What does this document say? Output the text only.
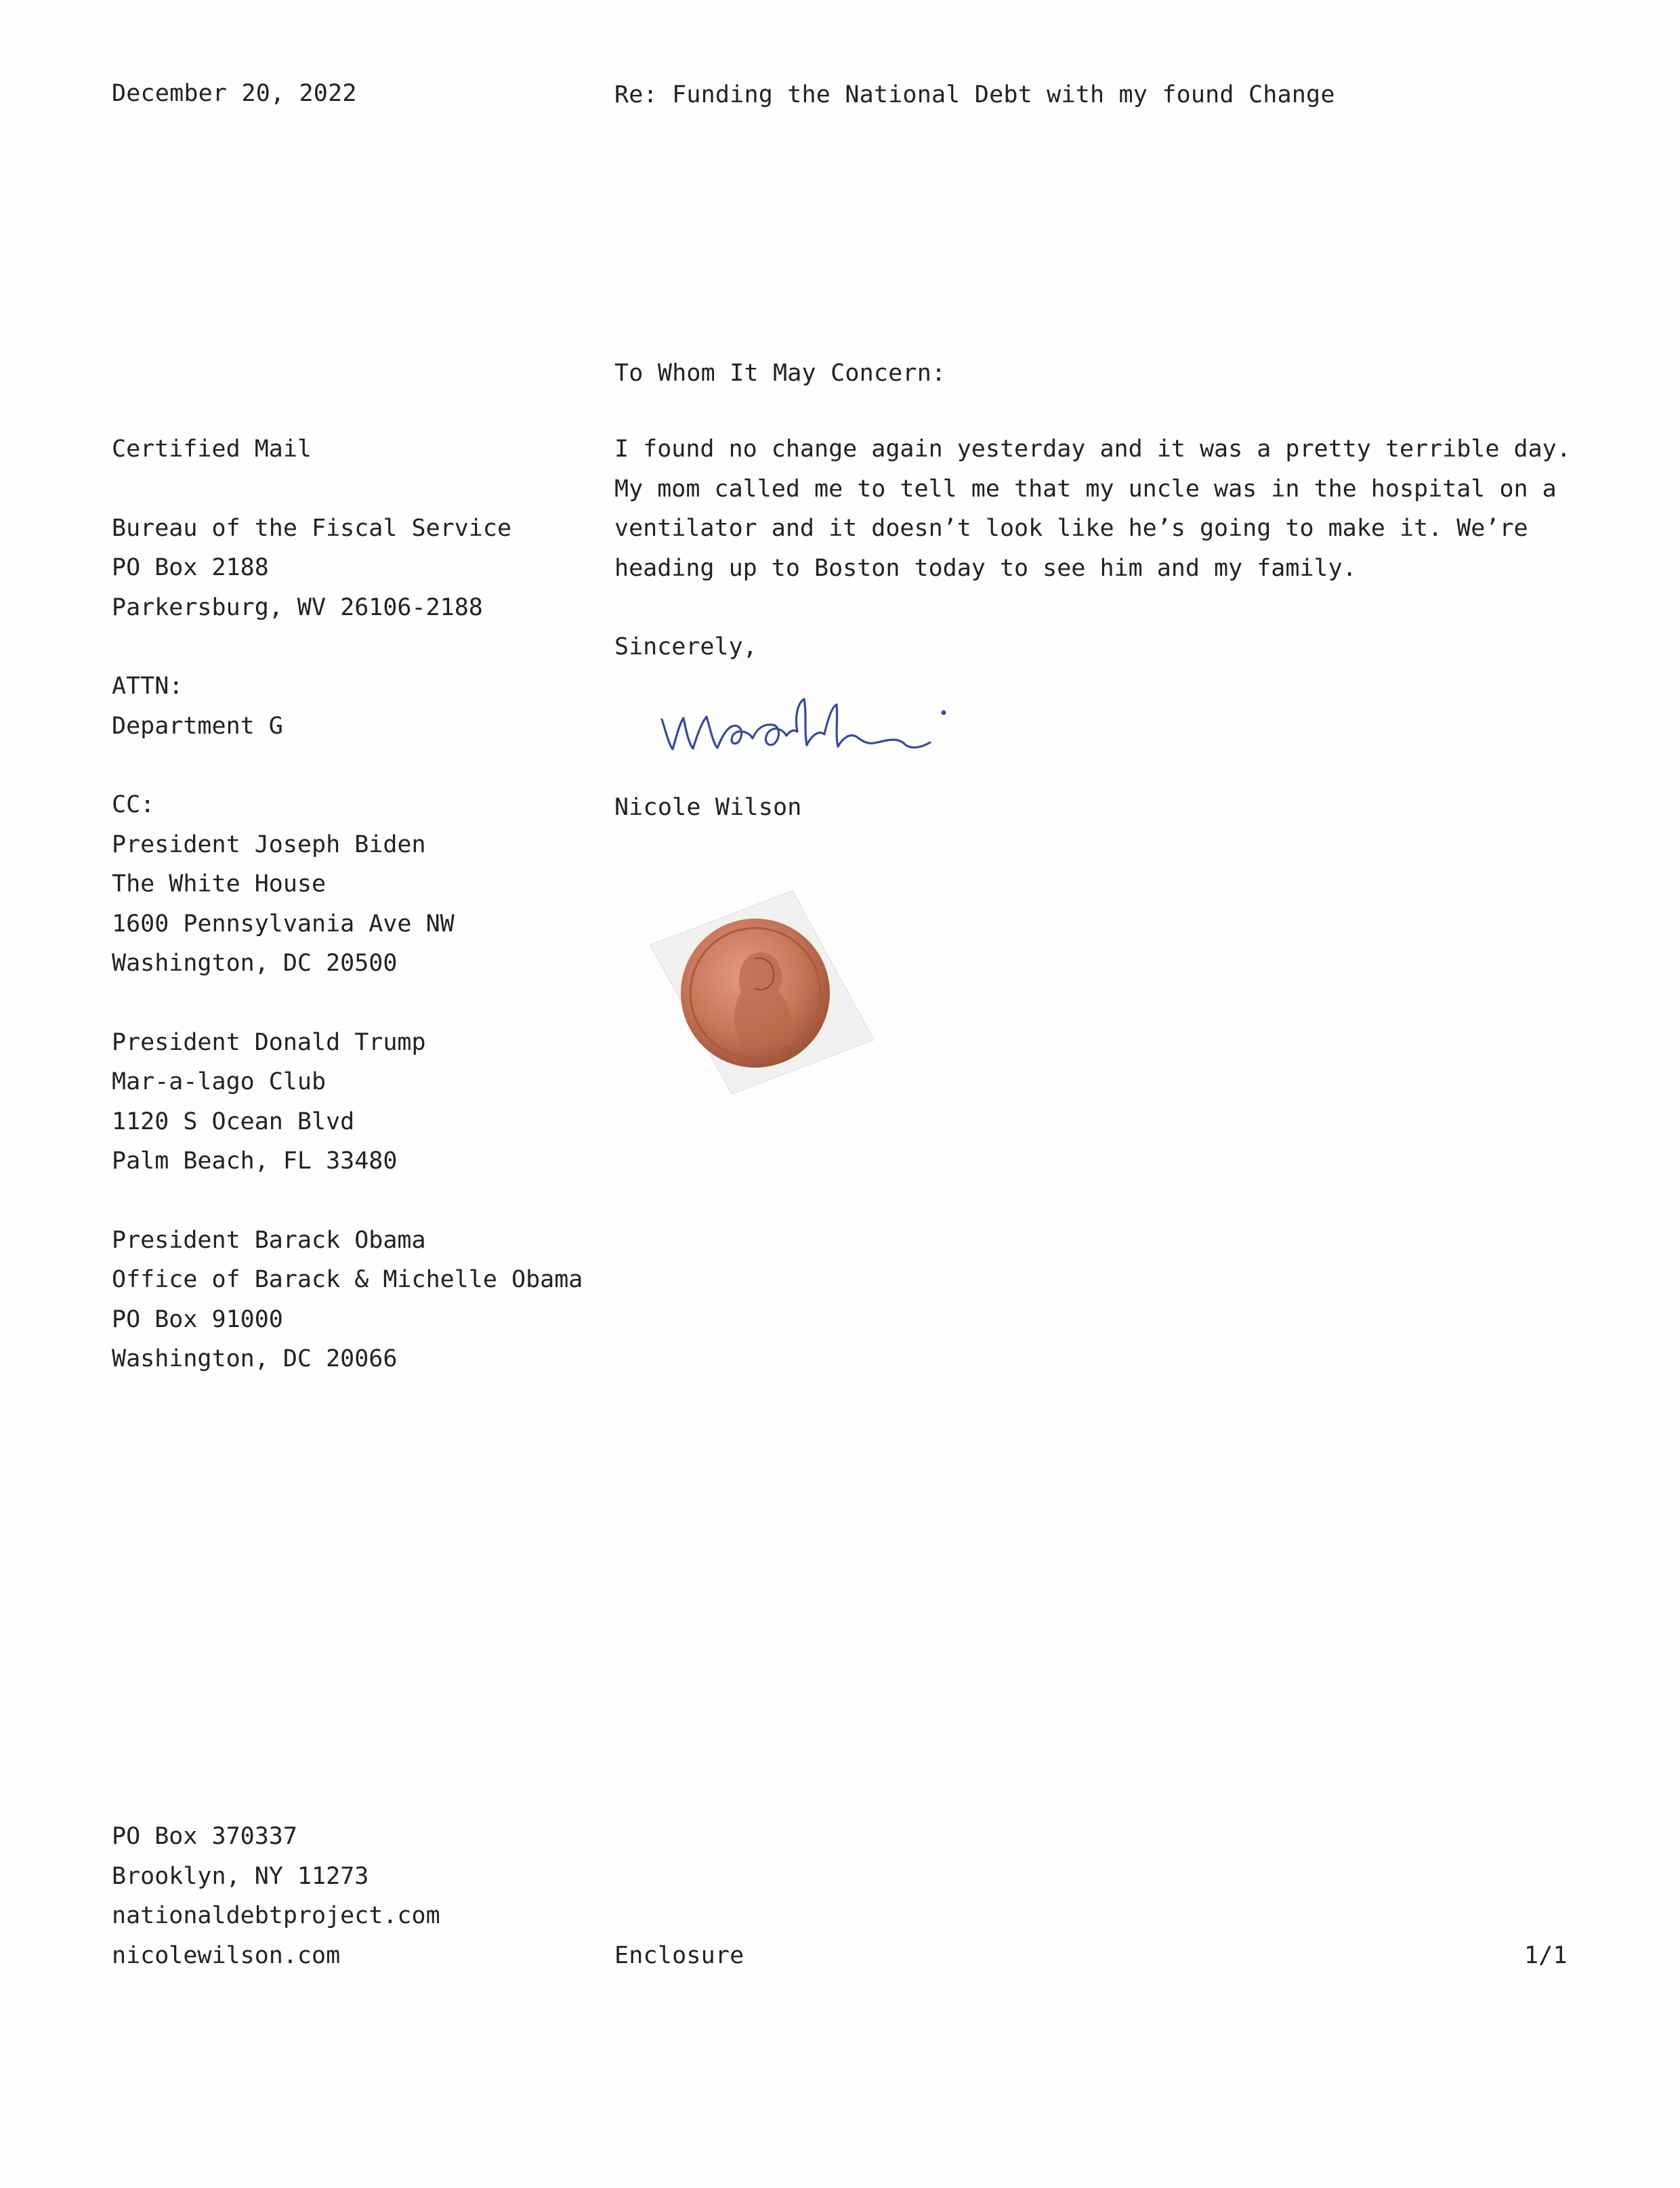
December 20, 2022	Re: Funding the National Debt with my found Change
To Whom It May Concern:
Certified Mail
Bureau of the Fiscal Service
PO Box 2188
Parkersburg, WV 26106-2188
ATTN:
Department G
CC:
President Joseph Biden
The White House
1600 Pennsylvania Ave NW
Washington, DC 20500
President Donald Trump
Mar-a-lago Club
1120 S Ocean Blvd
Palm Beach, FL 33480
President Barack Obama
Office of Barack & Michelle Obama
PO Box 91000
Washington, DC 20066
I found no change again yesterday and it was a pretty terrible day.
My mom called me to tell me that my uncle was in the hospital on a
ventilator and it doesn’t look like he’s going to make it. We’re
heading up to Boston today to see him and my family.
Sincerely,
Nicole Wilson
PO Box 370337
Brooklyn, NY 11273
nationaldebtproject.com
nicolewilson.com	Enclosure	1/1
